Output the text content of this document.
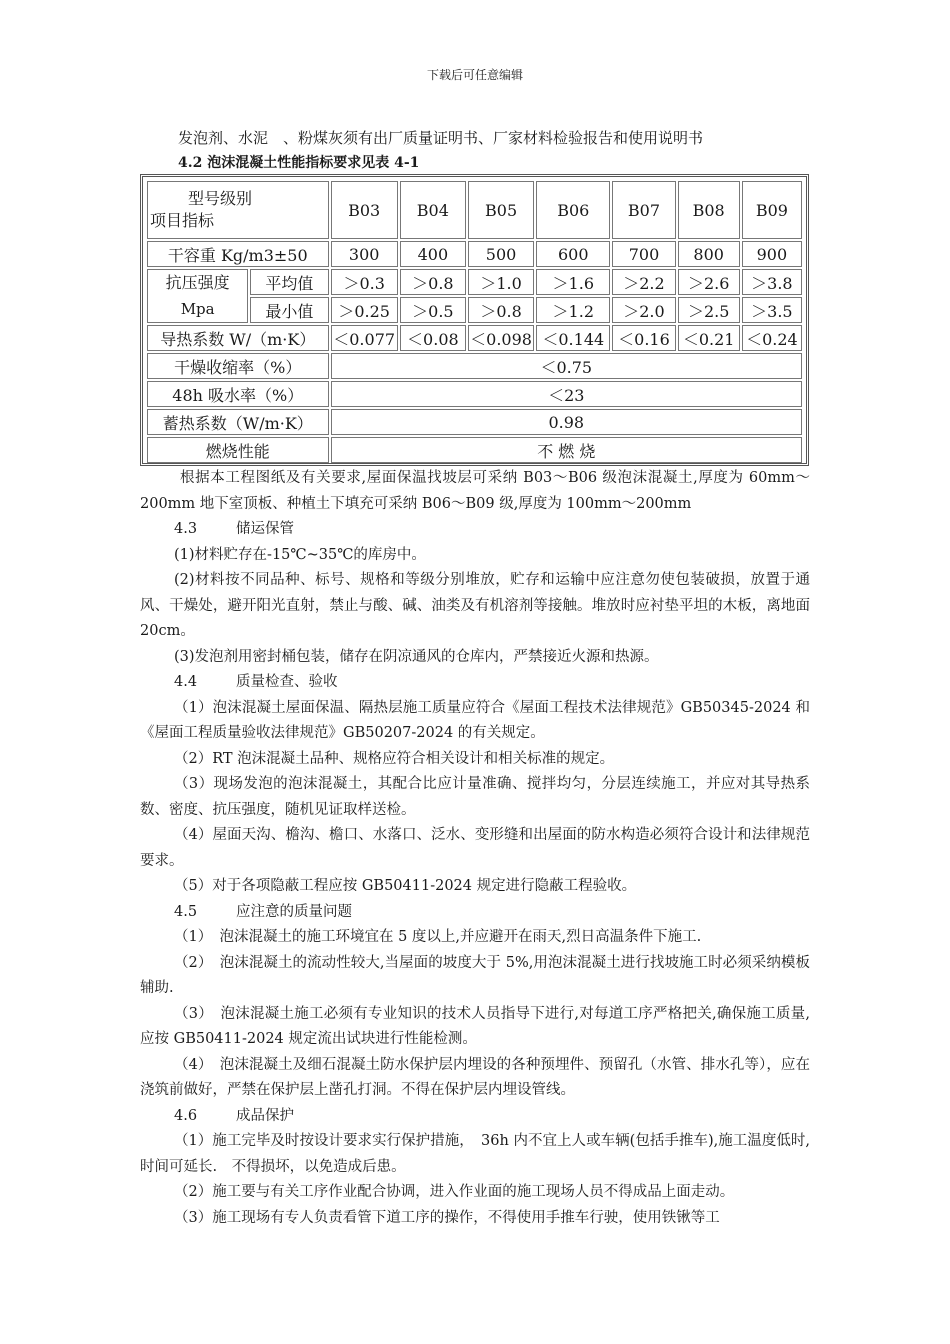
下载后可任意编辑
发泡剂、水泥　、粉煤灰须有出厂质量证明书、厂家材料检验报告和使用说明书
4.2 泡沫混凝土性能指标要求见表 4-1
型号级别
项目指标		B03	B04	B05	B06	B07	B08	B09
干容重 Kg/m3±50		300	400	500	600	700	800	900

抗压强度
Mpa	平均值	＞0.3	＞0.8	＞1.0	＞1.6	＞2.2	＞2.6	＞3.8
	最小值	＞0.25	＞0.5	＞0.8	＞1.2	＞2.0	＞2.5	＞3.5
导热系数 W/（m·K）		＜0.077	＜0.08	＜0.098	＜0.144	＜0.16	＜0.21	＜0.24
干燥收缩率（%）		＜0.75						
48h 吸水率（%）		＜23						
蓄热系数（W/m·K）		0.98						
燃烧性能		不 燃 烧						

根据本工程图纸及有关要求,屋面保温找坡层可采纳 B03～B06 级泡沫混凝土,厚度为 60mm～200mm 地下室顶板、种植土下填充可采纳 B06～B09 级,厚度为 100mm～200mm

4.3	储运保管

(1)材料贮存在-15℃~35℃的库房中。

(2)材料按不同品种、标号、规格和等级分别堆放，贮存和运输中应注意勿使包装破损，放置于通风、干燥处，避开阳光直射，禁止与酸、碱、油类及有机溶剂等接触。堆放时应衬垫平坦的木板，离地面 20cm。

(3)发泡剂用密封桶包装，储存在阴凉通风的仓库内，严禁接近火源和热源。

4.4	质量检查、验收

（1）泡沫混凝土屋面保温、隔热层施工质量应符合《屋面工程技术法律规范》GB50345-2024 和《屋面工程质量验收法律规范》GB50207-2024 的有关规定。

（2）RT 泡沫混凝土品种、规格应符合相关设计和相关标准的规定。

（3）现场发泡的泡沫混凝土，其配合比应计量准确、搅拌均匀，分层连续施工，并应对其导热系数、密度、抗压强度，随机见证取样送检。

（4）屋面天沟、檐沟、檐口、水落口、泛水、变形缝和出屋面的防水构造必须符合设计和法律规范要求。

（5）对于各项隐蔽工程应按 GB50411-2024 规定进行隐蔽工程验收。

4.5	应注意的质量问题

（1）　泡沫混凝土的施工环境宜在 5 度以上,并应避开在雨天,烈日高温条件下施工.

（2）　泡沫混凝土的流动性较大,当屋面的坡度大于 5%,用泡沫混凝土进行找坡施工时必须采纳模板辅助.

（3）　泡沫混凝土施工必须有专业知识的技术人员指导下进行,对每道工序严格把关,确保施工质量,应按 GB50411-2024 规定流出试块进行性能检测。

（4）　泡沫混凝土及细石混凝土防水保护层内埋设的各种预埋件、预留孔（水管、排水孔等），应在浇筑前做好，严禁在保护层上凿孔打洞。不得在保护层内埋设管线。

4.6	成品保护

（1）施工完毕及时按设计要求实行保护措施，　36h 内不宜上人或车辆(包括手推车),施工温度低时,时间可延长.　不得损坏，以免造成后患。

（2）施工要与有关工序作业配合协调，进入作业面的施工现场人员不得成品上面走动。

（3）施工现场有专人负责看管下道工序的操作，不得使用手推车行驶，使用铁锹等工
